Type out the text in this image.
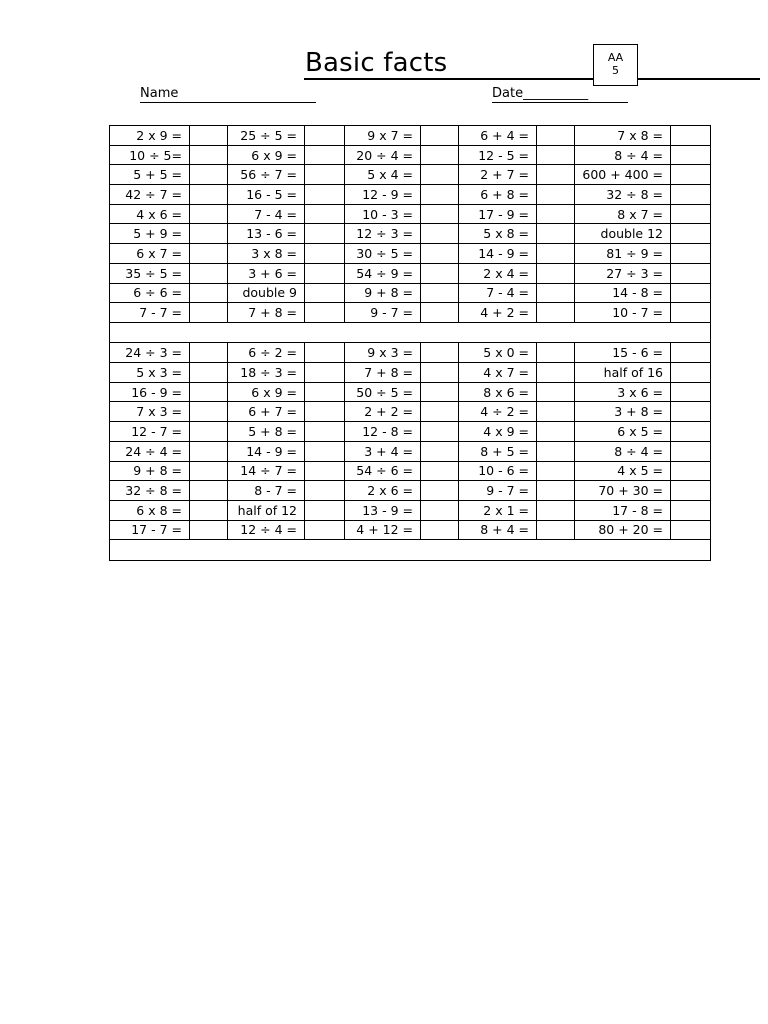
Basic facts	AA
5
Name	Date__________
2 x 9 =		25 ÷ 5 =		9 x 7 =		6 + 4 =		7 x 8 =	
10 ÷ 5=		6 x 9 =		20 ÷ 4 =		12 - 5 =		8 ÷ 4 =	
5 + 5 =		56 ÷ 7 =		5 x 4 =		2 + 7 =		600 + 400 =	
42 ÷ 7 =		16 - 5 =		12 - 9 =		6 + 8 =		32 ÷ 8 =	
4 x 6 =		7 - 4 =		10 - 3 =		17 - 9 =		8 x 7 =	
5 + 9 =		13 - 6 =		12 ÷ 3 =		5 x 8 =		double 12	
6 x 7 =		3 x 8 =		30 ÷ 5 =		14 - 9 =		81 ÷ 9 =	
35 ÷ 5 =		3 + 6 =		54 ÷ 9 =		2 x 4 =		27 ÷ 3 =	
6 ÷ 6 =		double 9		9 + 8 =		7 - 4 =		14 - 8 =	
7 - 7 =		7 + 8 =		9 - 7 =		4 + 2 =		10 - 7 =	

24 ÷ 3 =		6 ÷ 2 =		9 x 3 =		5 x 0 =		15 - 6 =	
5 x 3 =		18 ÷ 3 =		7 + 8 =		4 x 7 =		half of 16	
16 - 9 =		6 x 9 =		50 ÷ 5 =		8 x 6 =		3 x 6 =	
7 x 3 =		6 + 7 =		2 + 2 =		4 ÷ 2 =		3 + 8 =	
12 - 7 =		5 + 8 =		12 - 8 =		4 x 9 =		6 x 5 =	
24 ÷ 4 =		14 - 9 =		3 + 4 =		8 + 5 =		8 ÷ 4 =	
9 + 8 =		14 ÷ 7 =		54 ÷ 6 =		10 - 6 =		4 x 5 =	
32 ÷ 8 =		8 - 7 =		2 x 6 =		9 - 7 =		70 + 30 =	
6 x 8 =		half of 12		13 - 9 =		2 x 1 =		17 - 8 =	
17 - 7 =		12 ÷ 4 =		4 + 12 =		8 + 4 =		80 + 20 =	
